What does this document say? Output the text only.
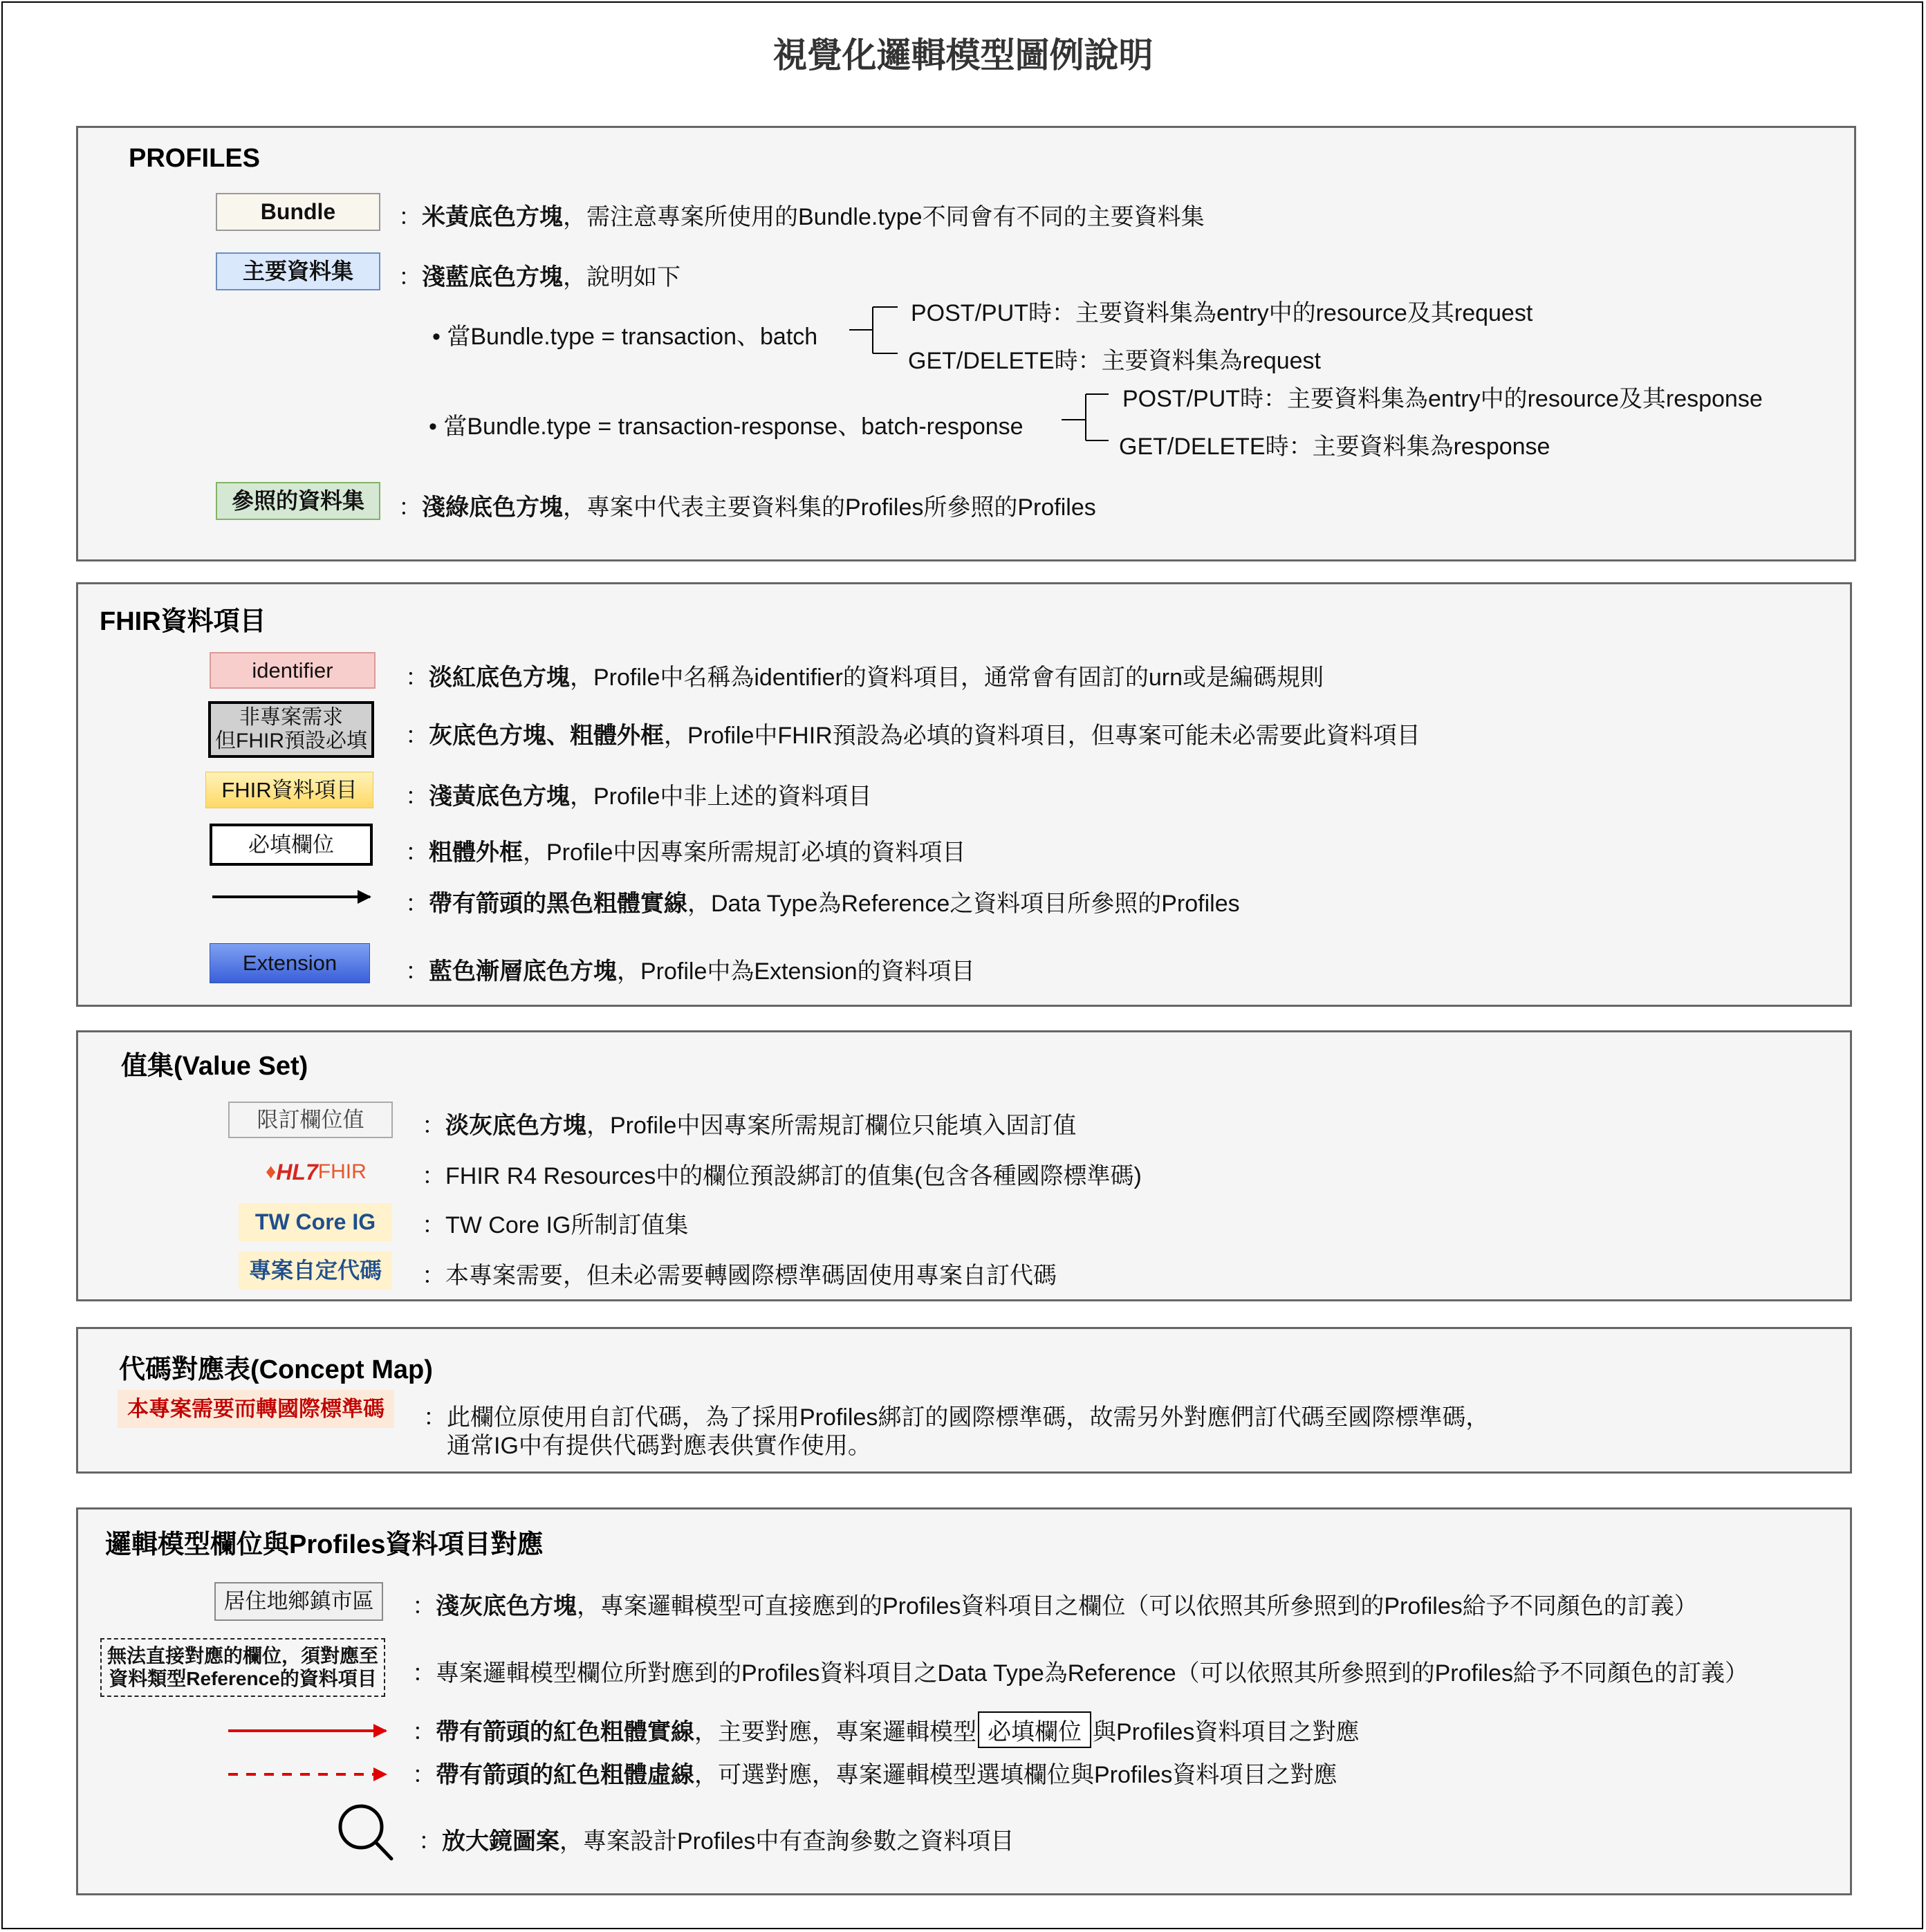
視覺化邏輯模型圖例說明
PROFILES
Bundle	：米黃底色方塊，需注意專案所使用的Bundle.type不同會有不同的主要資料集
主要資料集 ：淺藍底色方塊，說明如下
• 當Bundle.type = transaction、batch
POST/PUT時：主要資料集為entry中的resource及其request
GET/DELETE時：主要資料集為request
• 當Bundle.type = transaction-response、batch-response
POST/PUT時：主要資料集為entry中的resource及其response
GET/DELETE時：主要資料集為response
參照的資料集 ：淺綠底色方塊，專案中代表主要資料集的Profiles所參照的Profiles
FHIR資料項目
identifier	：淡紅底色方塊，Profile中名稱為identifier的資料項目，通常會有固訂的urn或是編碼規則
非專案需求
但FHIR預設必填 ：灰底色方塊、粗體外框，Profile中FHIR預設為必填的資料項目，但專案可能未必需要此資料項目
FHIR資料項目 ：淺黃底色方塊，Profile中非上述的資料項目
必填欄位	：粗體外框，Profile中因專案所需規訂必填的資料項目
：帶有箭頭的黑色粗體實線，Data Type為Reference之資料項目所參照的Profiles
Extension	：藍色漸層底色方塊，Profile中為Extension的資料項目
值集(Value Set)
限訂欄位值 ：淡灰底色方塊，Profile中因專案所需規訂欄位只能填入固訂值
♦ HL7 FHIR ：FHIR R4 Resources中的欄位預設綁訂的值集(包含各種國際標準碼)
TW Core IG ：TW Core IG所制訂值集
專案自定代碼 ：本專案需要，但未必需要轉國際標準碼固使用專案自訂代碼
代碼對應表(Concept Map)
本專案需要而轉國際標準碼 ：此欄位原使用自訂代碼，為了採用Profiles綁訂的國際標準碼，故需另外對應們訂代碼至國際標準碼，
通常IG中有提供代碼對應表供實作使用。
邏輯模型欄位與Profiles資料項目對應
居住地鄉鎮市區 ：淺灰底色方塊，專案邏輯模型可直接應到的Profiles資料項目之欄位（可以依照其所參照到的Profiles給予不同顏色的訂義）
無法直接對應的欄位，須對應至
資料類型Reference的資料項目 ：專案邏輯模型欄位所對應到的Profiles資料項目之Data Type為Reference（可以依照其所參照到的Profiles給予不同顏色的訂義）
：帶有箭頭的紅色粗體實線，主要對應，專案邏輯模型 必填欄位 與Profiles資料項目之對應
：帶有箭頭的紅色粗體虛線，可選對應，專案邏輯模型選填欄位與Profiles資料項目之對應
：放大鏡圖案，專案設計Profiles中有查詢參數之資料項目
